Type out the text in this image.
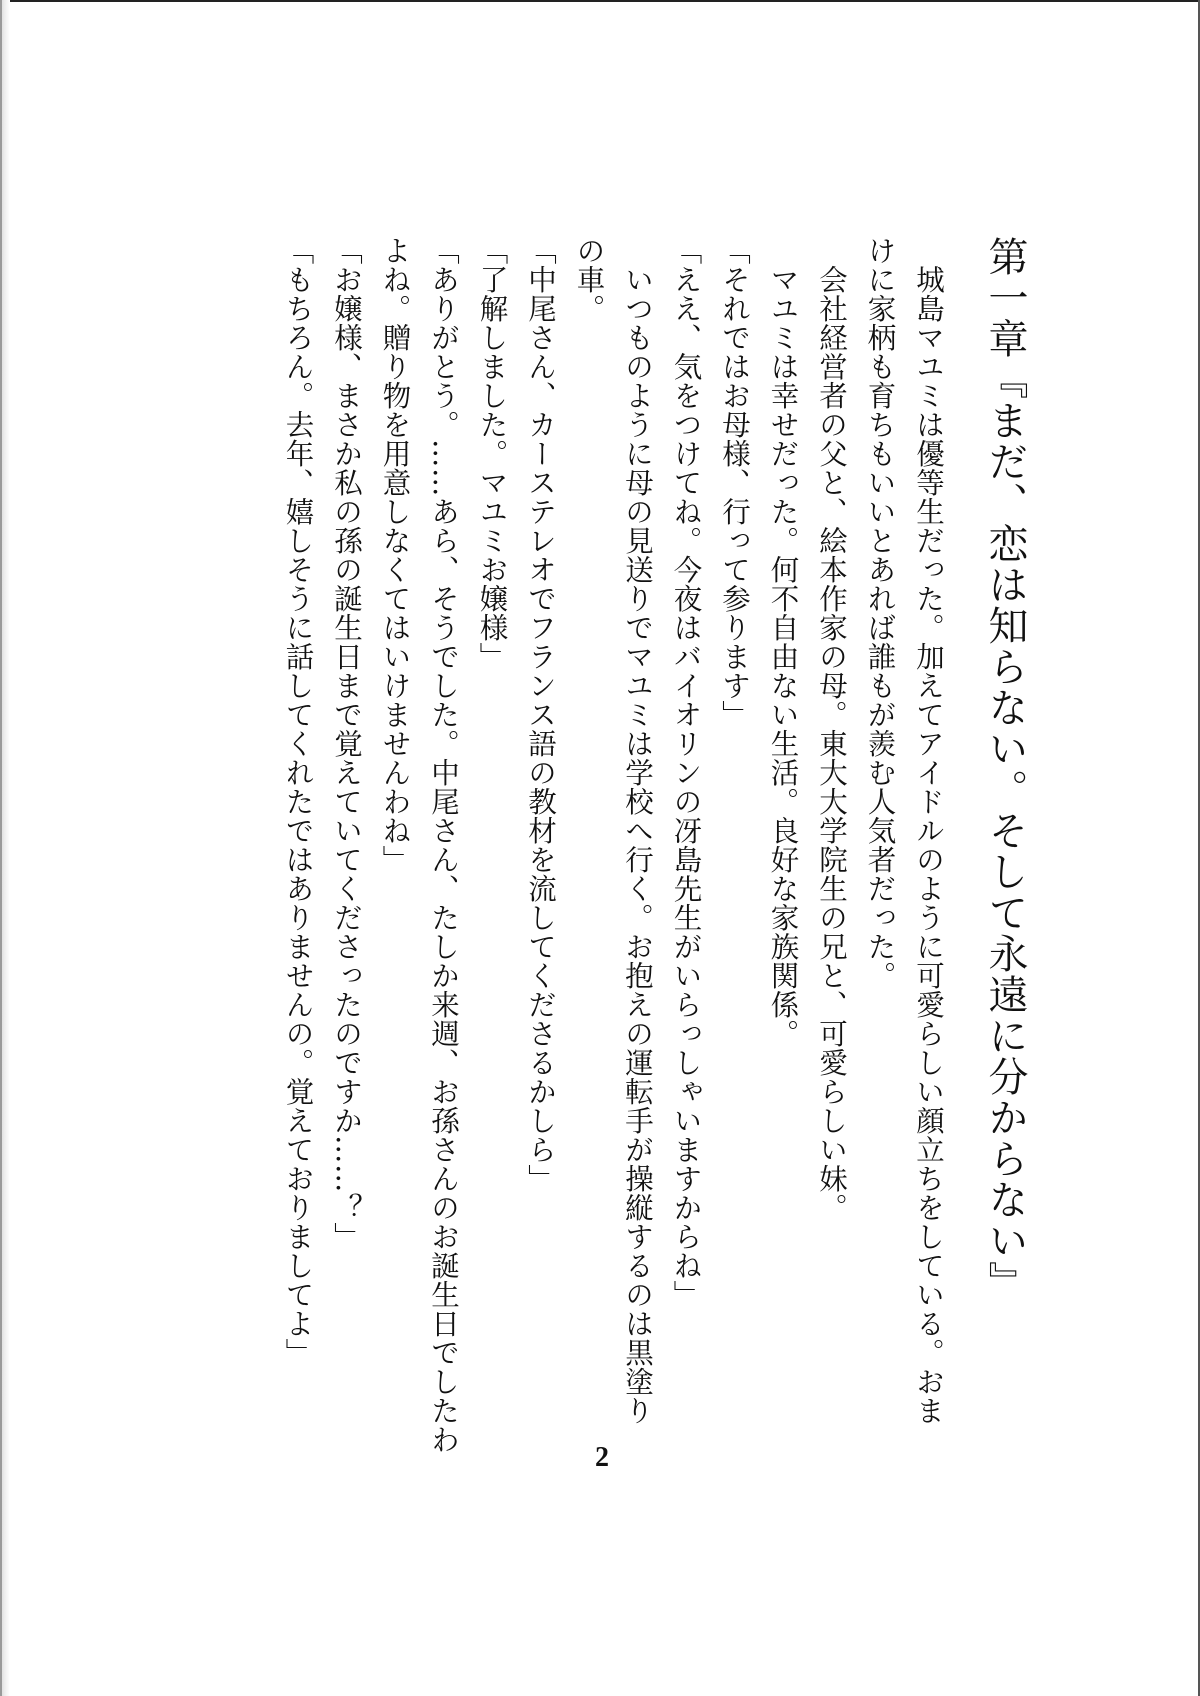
第一章『まだ、恋は知らない。そして永遠に分からない』

　城島マユミは優等生だった。加えてアイドルのように可愛らしい顔立ちをしている。おま

けに家柄も育ちもいいとあれば誰もが羨む人気者だった。

　会社経営者の父と、絵本作家の母。東大大学院生の兄と、可愛らしい妹。

　マユミは幸せだった。何不自由ない生活。良好な家族関係。

「それではお母様、行って参ります」

「ええ、気をつけてね。今夜はバイオリンの冴島先生がいらっしゃいますからね」

　いつものように母の見送りでマユミは学校へ行く。お抱えの運転手が操縦するのは黒塗り

の車。

「中尾さん、カーステレオでフランス語の教材を流してくださるかしら」

「了解しました。マユミお嬢様」

「ありがとう。……あら、そうでした。中尾さん、たしか来週、お孫さんのお誕生日でしたわ

よね。贈り物を用意しなくてはいけませんわね」

「お嬢様、まさか私の孫の誕生日まで覚えていてくださったのですか……？」

「もちろん。去年、嬉しそうに話してくれたではありませんの。覚えておりましてよ」

2
